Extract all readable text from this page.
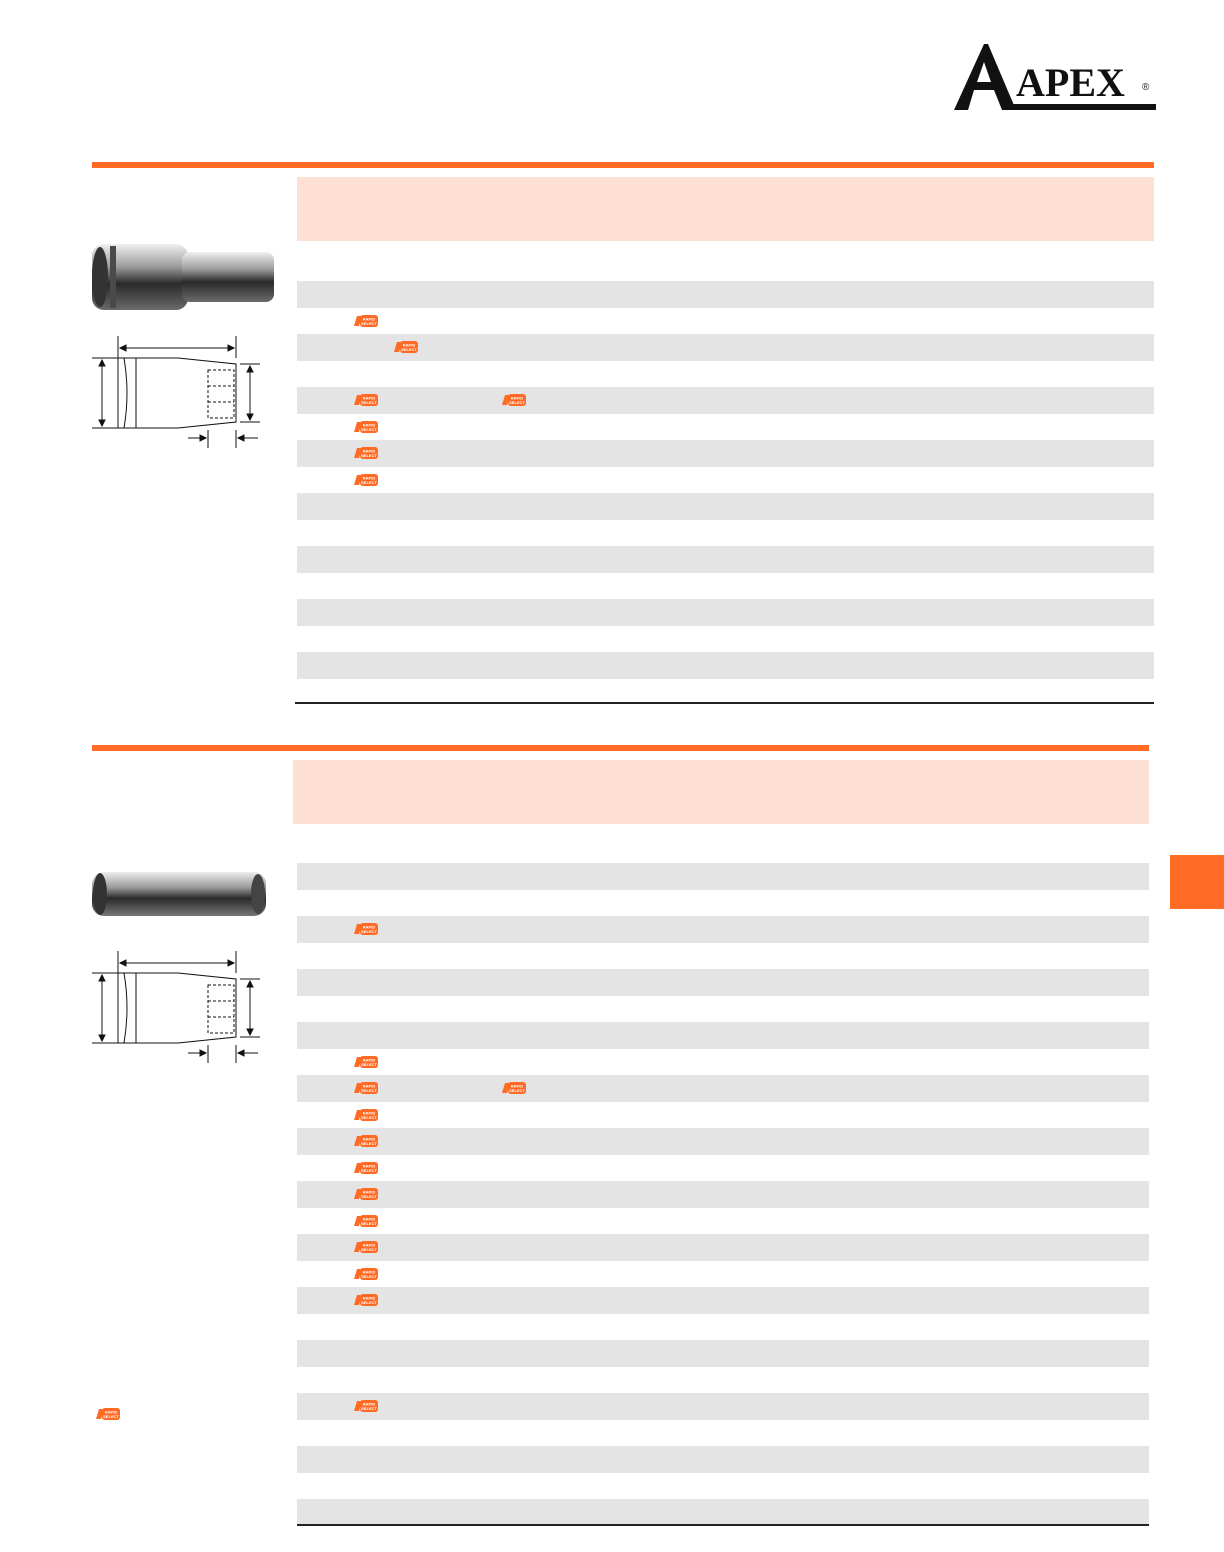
APEX ®
RAPID
SELECT
RAPID
SELECT
RAPID
SELECT
RAPID
SELECT
RAPID
SELECT
RAPID
SELECT
RAPID
SELECT
RAPID
SELECT
RAPID
SELECT
RAPID
SELECT
RAPID
SELECT
RAPID
SELECT
RAPID
SELECT
RAPID
SELECT
RAPID
SELECT
RAPID
SELECT
RAPID
SELECT
RAPID
SELECT
RAPID
SELECT
RAPID
SELECT
RAPID
SELECT
